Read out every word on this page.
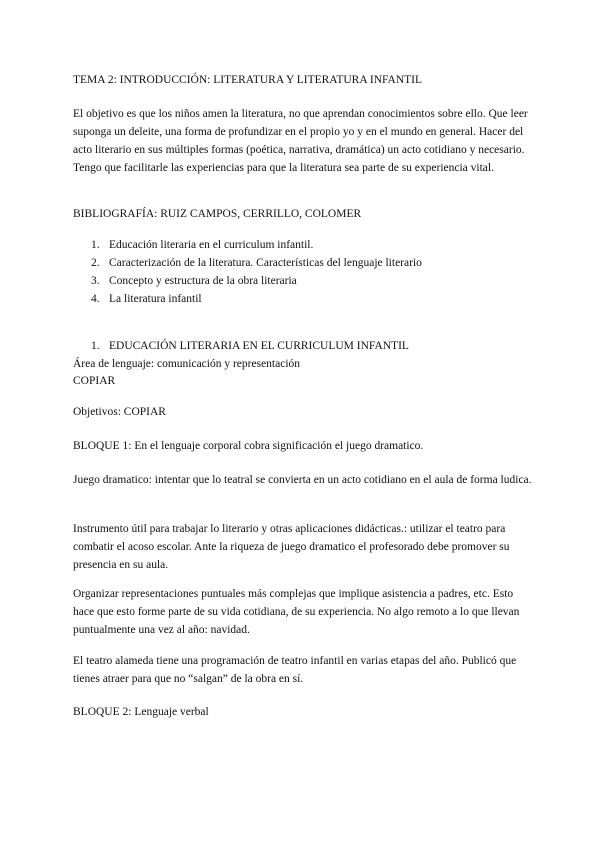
TEMA 2: INTRODUCCIÓN: LITERATURA Y LITERATURA INFANTIL
El objetivo es que los niños amen la literatura, no que aprendan conocimientos sobre ello. Que leer suponga un deleite, una forma de profundizar en el propio yo y en el mundo en general. Hacer del acto literario en sus múltiples formas (poética, narrativa, dramática) un acto cotidiano y necesario. Tengo que facilitarle las experiencias para que la literatura sea parte de su experiencia vital.
BIBLIOGRAFÍA: RUIZ CAMPOS, CERRILLO, COLOMER
1. Educación literaria en el curriculum infantil.
2. Caracterización de la literatura. Características del lenguaje literario
3. Concepto y estructura de la obra literaria
4. La literatura infantil
1. EDUCACIÓN LITERARIA EN EL CURRICULUM INFANTIL
Área de lenguaje: comunicación y representación
COPIAR
Objetivos: COPIAR
BLOQUE 1: En el lenguaje corporal cobra significación el juego dramatico.
Juego dramatico: intentar que lo teatral se convierta en un acto cotidiano en el aula de forma ludica.
Instrumento útil para trabajar lo literario y otras aplicaciones didácticas.: utilizar el teatro para combatir el acoso escolar. Ante la riqueza de juego dramatico el profesorado debe promover su presencia en su aula.
Organizar representaciones puntuales más complejas que implique asistencia a padres, etc. Esto hace que esto forme parte de su vida cotidiana, de su experiencia. No algo remoto a lo que llevan puntualmente una vez al año: navidad.
El teatro alameda tiene una programación de teatro infantil en varias etapas del año. Publicó que tienes atraer para que no “salgan” de la obra en sí.
BLOQUE 2: Lenguaje verbal
